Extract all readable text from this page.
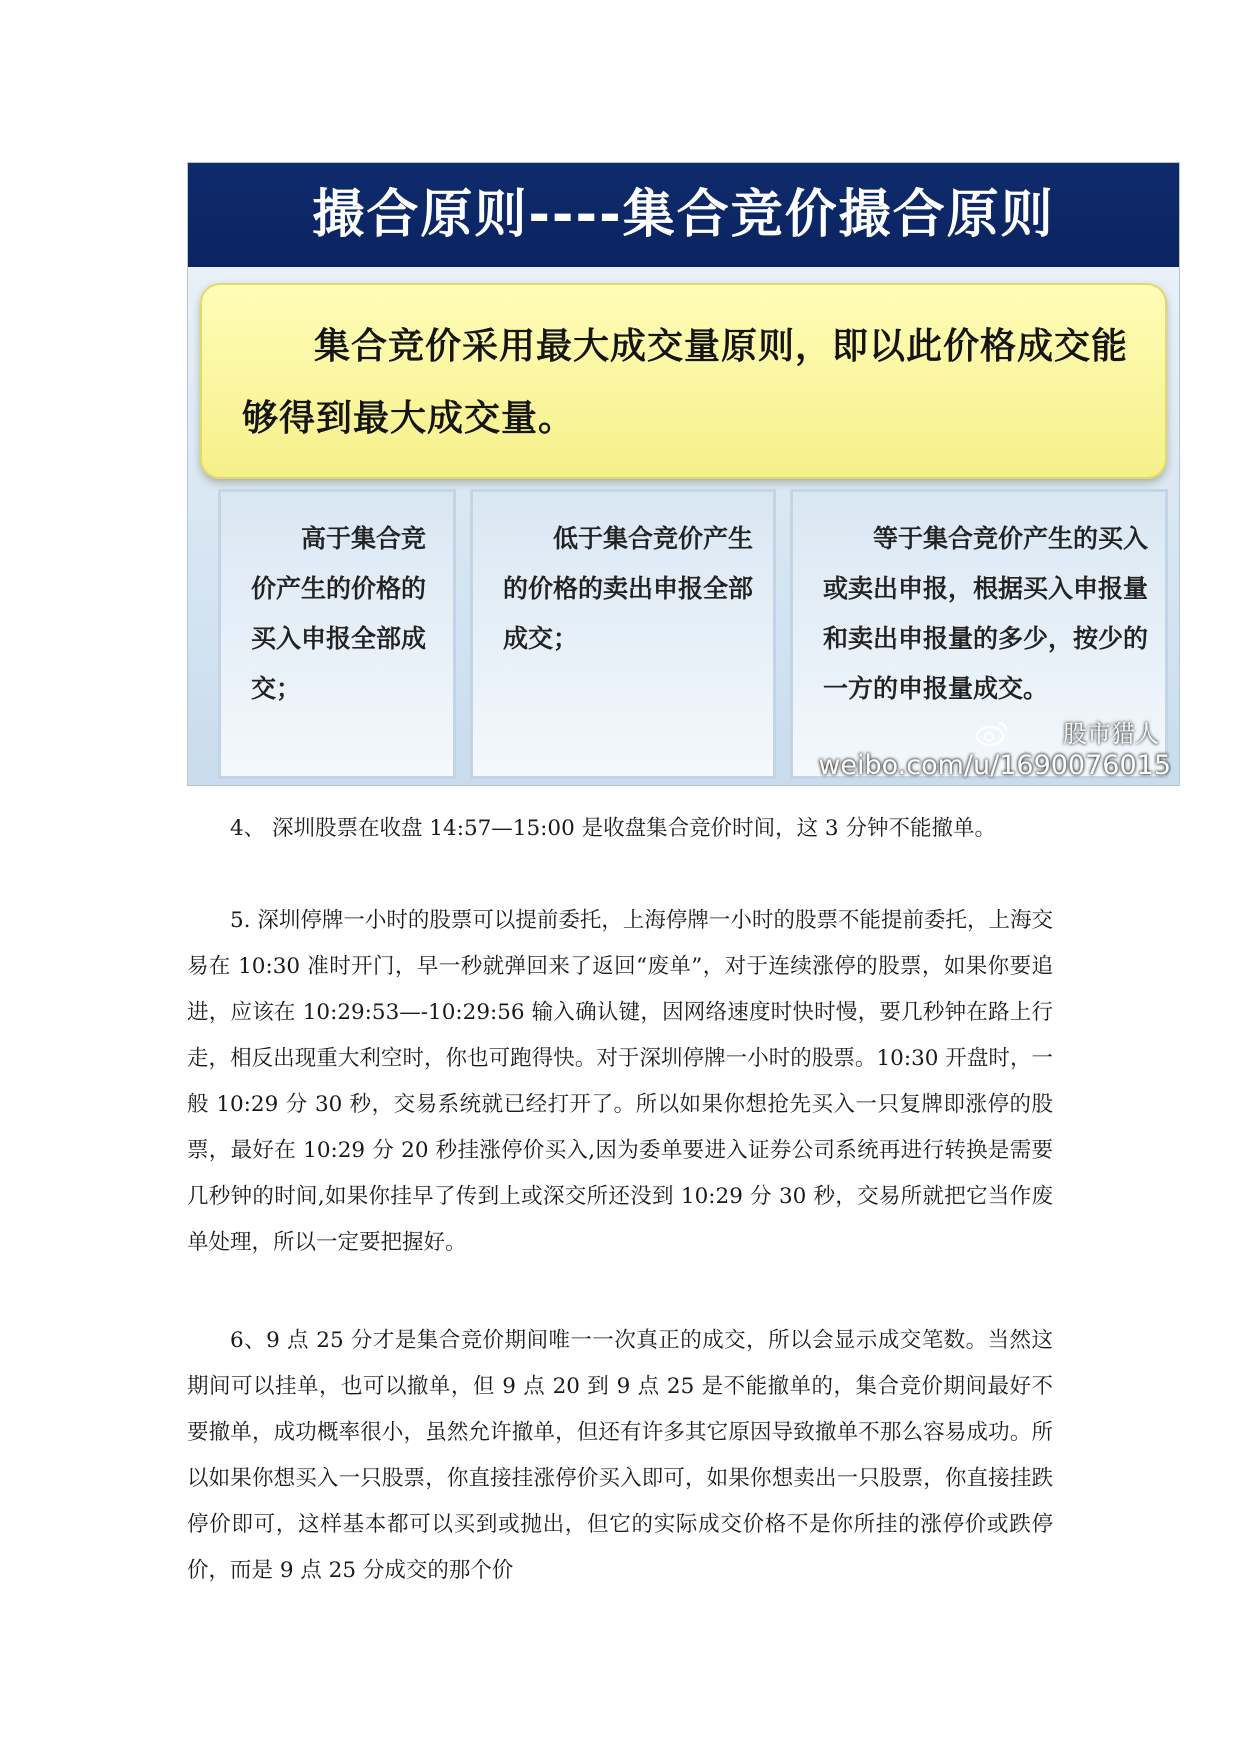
撮合原则----集合竞价撮合原则
集合竞价采用最大成交量原则，即以此价格成交能够得到最大成交量。
高于集合竞价产生的价格的买入申报全部成交；
低于集合竞价产生的价格的卖出申报全部成交；
等于集合竞价产生的买入或卖出申报，根据买入申报量和卖出申报量的多少，按少的一方的申报量成交。
股市猎人
weibo.com/u/1690076015
4、 深圳股票在收盘 14:57—15:00 是收盘集合竞价时间，这 3 分钟不能撤单。
5. 深圳停牌一小时的股票可以提前委托，上海停牌一小时的股票不能提前委托，上海交易在 10:30 准时开门，早一秒就弹回来了返回“废单”，对于连续涨停的股票，如果你要追进，应该在 10:29:53—-10:29:56 输入确认键，因网络速度时快时慢，要几秒钟在路上行走，相反出现重大利空时，你也可跑得快。对于深圳停牌一小时的股票。10:30 开盘时，一般 10:29 分 30 秒，交易系统就已经打开了。所以如果你想抢先买入一只复牌即涨停的股票，最好在 10:29 分 20 秒挂涨停价买入,因为委单要进入证券公司系统再进行转换是需要几秒钟的时间,如果你挂早了传到上或深交所还没到 10:29 分 30 秒，交易所就把它当作废单处理，所以一定要把握好。
6、9 点 25 分才是集合竞价期间唯一一次真正的成交，所以会显示成交笔数。当然这期间可以挂单，也可以撤单，但 9 点 20 到 9 点 25 是不能撤单的，集合竞价期间最好不要撤单，成功概率很小，虽然允许撤单，但还有许多其它原因导致撤单不那么容易成功。所以如果你想买入一只股票，你直接挂涨停价买入即可，如果你想卖出一只股票，你直接挂跌停价即可，这样基本都可以买到或抛出，但它的实际成交价格不是你所挂的涨停价或跌停价，而是 9 点 25 分成交的那个价
